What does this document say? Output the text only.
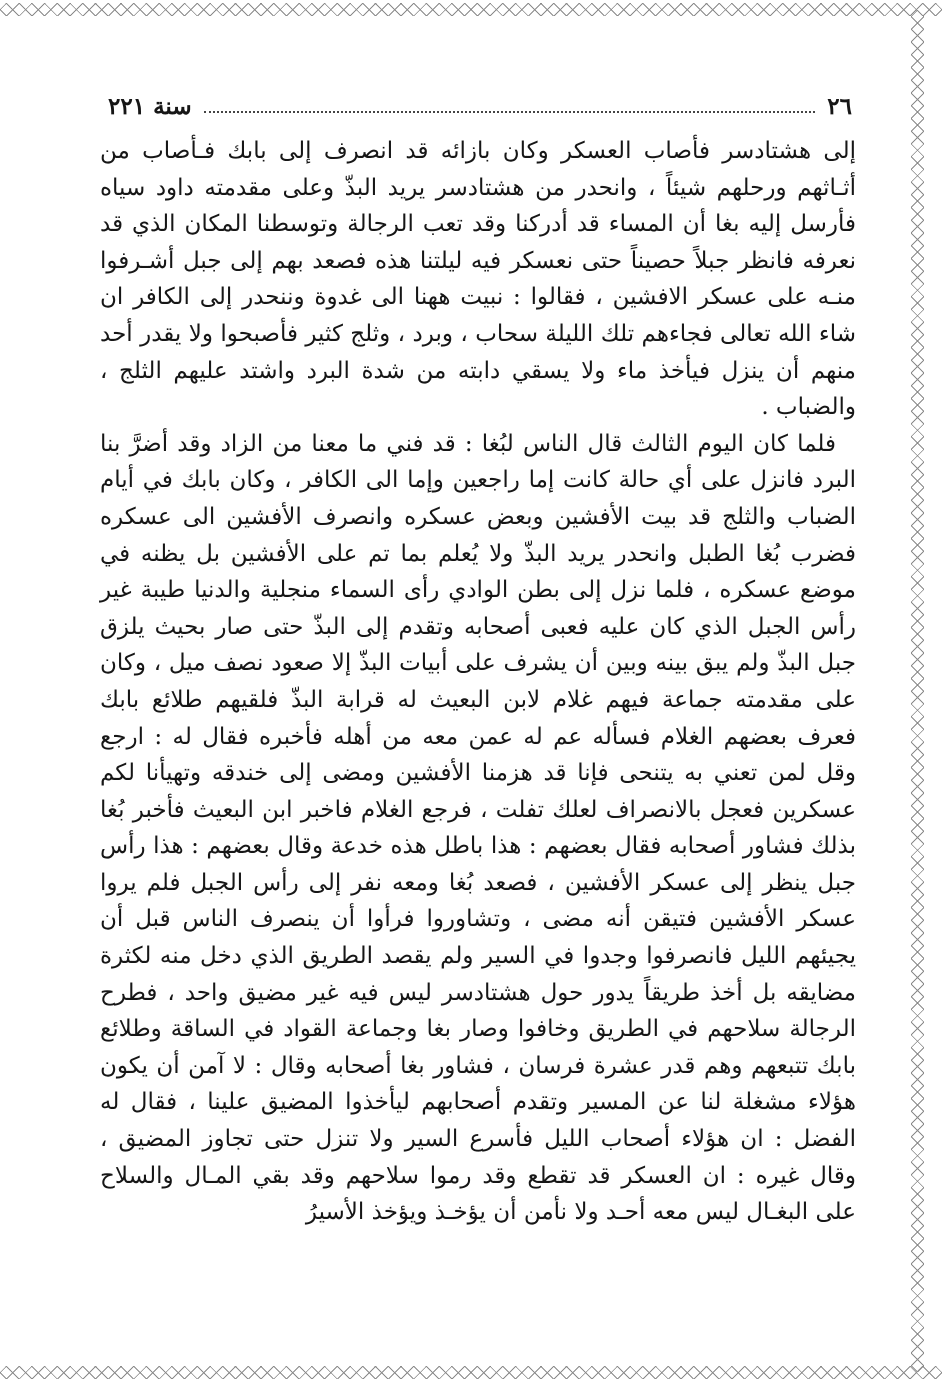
٢٦
سنة ٢٢١

إلى هشتادسر فأصاب العسكر وكان بازائه قد انصرف إلى بابك فـأصاب من أثـاثهم ورحلهم شيئاً ، وانحدر من هشتادسر يريد البذّ وعلى مقدمته داود سياه فأرسل إليه بغا أن المساء قد أدركنا وقد تعب الرجالة وتوسطنا المكان الذي قد نعرفه فانظر جبلاً حصيناً حتى نعسكر فيه ليلتنا هذه فصعد بهم إلى جبل أشـرفوا منـه على عسكر الافشين ، فقالوا : نبيت ههنا الى غدوة وننحدر إلى الكافر ان شاء الله تعالى فجاءهم تلك الليلة سحاب ، وبرد ، وثلج كثير فأصبحوا ولا يقدر أحد منهم أن ينزل فيأخذ ماء ولا يسقي دابته من شدة البرد واشتد عليهم الثلج ، والضباب .

فلما كان اليوم الثالث قال الناس لبُغا : قد فني ما معنا من الزاد وقد أضرَّ بنا البرد فانزل على أي حالة كانت إما راجعين وإما الى الكافر ، وكان بابك في أيام الضباب والثلج قد بيت الأفشين وبعض عسكره وانصرف الأفشين الى عسكره فضرب بُغا الطبل وانحدر يريد البذّ ولا يُعلم بما تم على الأفشين بل يظنه في موضع عسكره ، فلما نزل إلى بطن الوادي رأى السماء منجلية والدنيا طيبة غير رأس الجبل الذي كان عليه فعبى أصحابه وتقدم إلى البذّ حتى صار بحيث يلزق جبل البذّ ولم يبق بينه وبين أن يشرف على أبيات البذّ إلا صعود نصف ميل ، وكان على مقدمته جماعة فيهم غلام لابن البعيث له قرابة البذّ فلقيهم طلائع بابك فعرف بعضهم الغلام فسأله عم له عمن معه من أهله فأخبره فقال له : ارجع وقل لمن تعني به يتنحى فإنا قد هزمنا الأفشين ومضى إلى خندقه وتهيأنا لكم عسكرين فعجل بالانصراف لعلك تفلت ، فرجع الغلام فاخبر ابن البعيث فأخبر بُغا بذلك فشاور أصحابه فقال بعضهم : هذا باطل هذه خدعة وقال بعضهم : هذا رأس جبل ينظر إلى عسكر الأفشين ، فصعد بُغا ومعه نفر إلى رأس الجبل فلم يروا عسكر الأفشين فتيقن أنه مضى ، وتشاوروا فرأوا أن ينصرف الناس قبل أن يجيئهم الليل فانصرفوا وجدوا في السير ولم يقصد الطريق الذي دخل منه لكثرة مضايقه بل أخذ طريقاً يدور حول هشتادسر ليس فيه غير مضيق واحد ، فطرح الرجالة سلاحهم في الطريق وخافوا وصار بغا وجماعة القواد في الساقة وطلائع بابك تتبعهم وهم قدر عشرة فرسان ، فشاور بغا أصحابه وقال : لا آمن أن يكون هؤلاء مشغلة لنا عن المسير وتقدم أصحابهم ليأخذوا المضيق علينا ، فقال له الفضل : ان هؤلاء أصحاب الليل فأسرع السير ولا تنزل حتى تجاوز المضيق ، وقال غيره : ان العسكر قد تقطع وقد رموا سلاحهم وقد بقي المـال والسلاح على البغـال ليس معه أحـد ولا نأمن أن يؤخـذ ويؤخذ الأسيرُ
